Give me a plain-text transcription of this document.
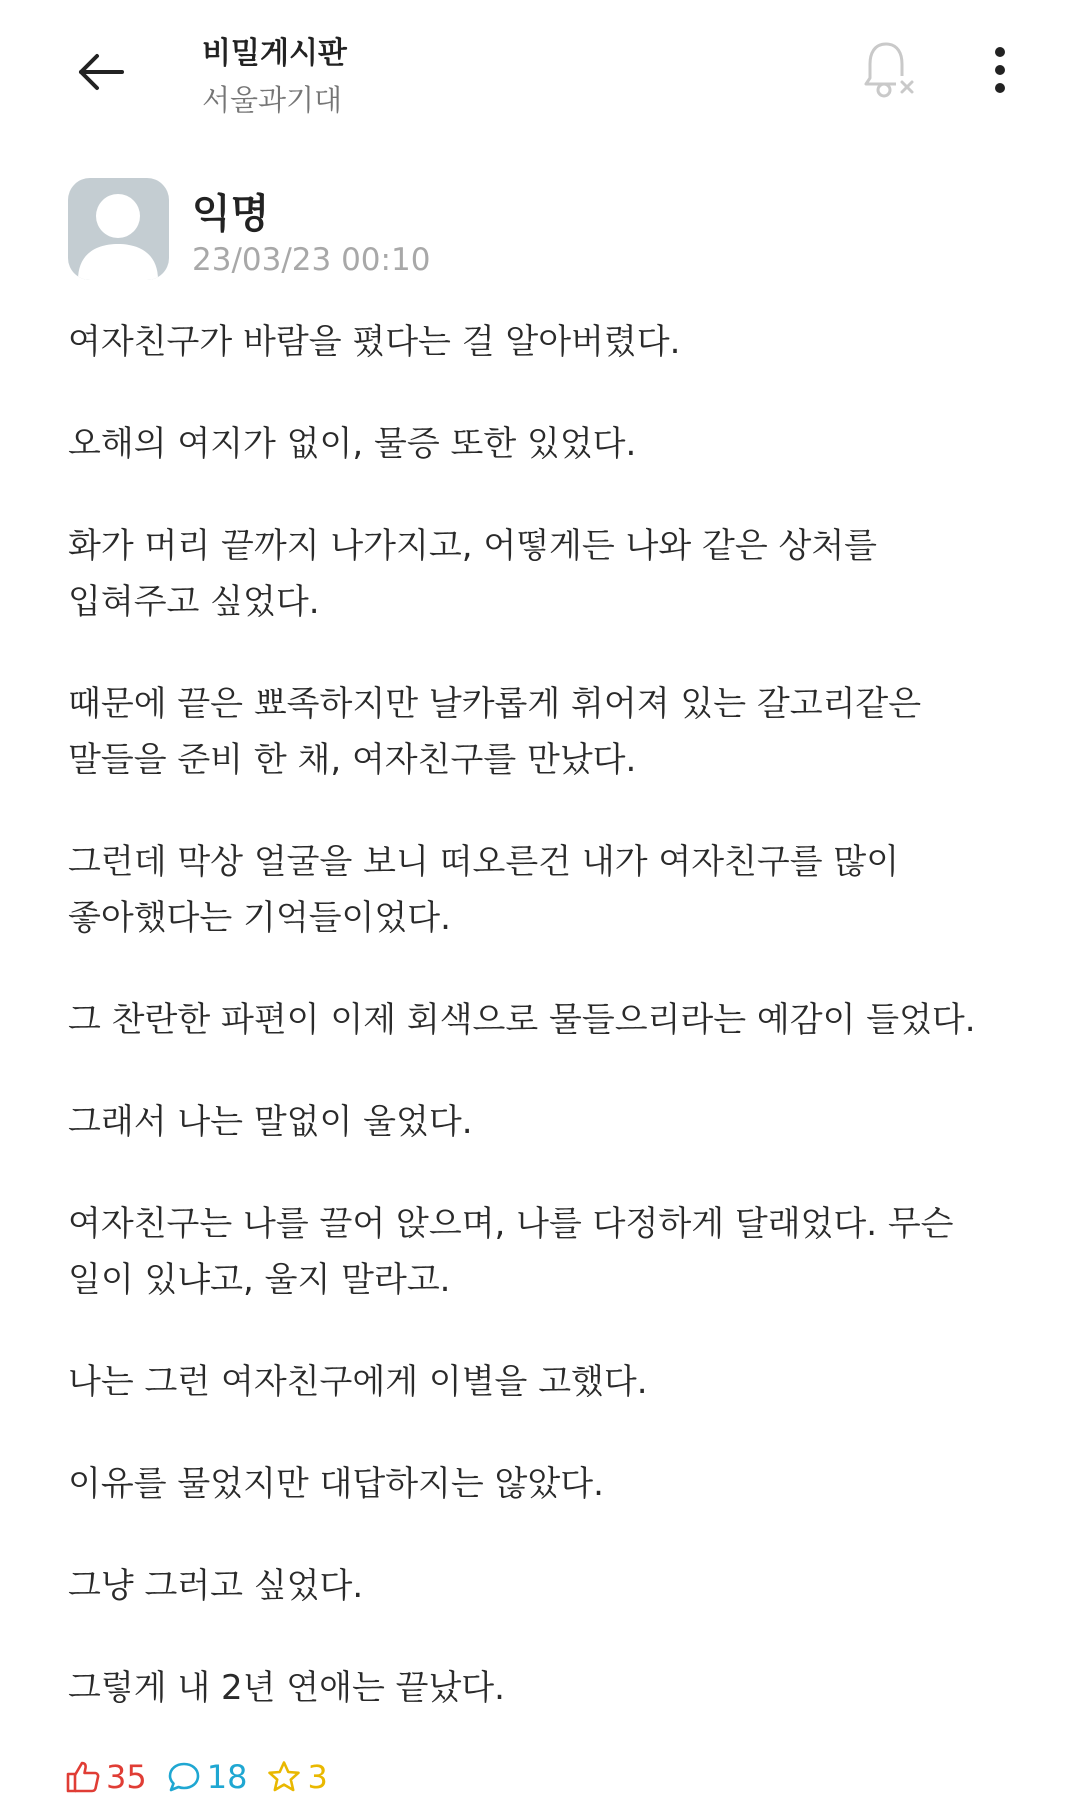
비밀게시판
서울과기대
익명
23/03/23 00:10

여자친구가 바람을 폈다는 걸 알아버렸다.

오해의 여지가 없이, 물증 또한 있었다.

화가 머리 끝까지 나가지고, 어떻게든 나와 같은 상처를
입혀주고 싶었다.

때문에 끝은 뾰족하지만 날카롭게 휘어져 있는 갈고리같은
말들을 준비 한 채, 여자친구를 만났다.

그런데 막상 얼굴을 보니 떠오른건 내가 여자친구를 많이
좋아했다는 기억들이었다.

그 찬란한 파편이 이제 회색으로 물들으리라는 예감이 들었다.

그래서 나는 말없이 울었다.

여자친구는 나를 끌어 앉으며, 나를 다정하게 달래었다. 무슨
일이 있냐고, 울지 말라고.

나는 그런 여자친구에게 이별을 고했다.

이유를 물었지만 대답하지는 않았다.

그냥 그러고 싶었다.

그렇게 내 2년 연애는 끝났다.

35 18 3
